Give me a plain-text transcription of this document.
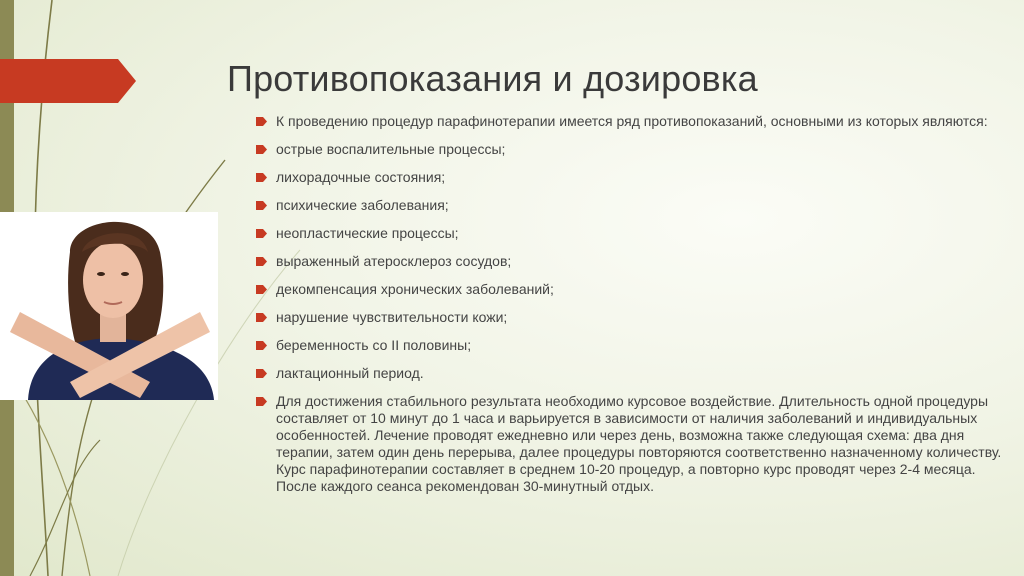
Противопоказания и дозировка
К проведению процедур парафинотерапии имеется ряд противопоказаний, основными из которых являются:
острые воспалительные процессы;
лихорадочные состояния;
психические заболевания;
неопластические процессы;
выраженный атеросклероз сосудов;
декомпенсация хронических заболеваний;
нарушение чувствительности кожи;
беременность со II половины;
лактационный период.
Для достижения стабильного результата необходимо курсовое воздействие. Длительность одной процедуры составляет от 10 минут до 1 часа и варьируется в зависимости от наличия заболеваний и индивидуальных особенностей. Лечение проводят ежедневно или через день, возможна также следующая схема: два дня терапии, затем один день перерыва, далее процедуры повторяются соответственно назначенному количеству. Курс парафинотерапии составляет в среднем 10-20 процедур, а повторно курс проводят через 2-4 месяца. После каждого сеанса рекомендован 30-минутный отдых.
